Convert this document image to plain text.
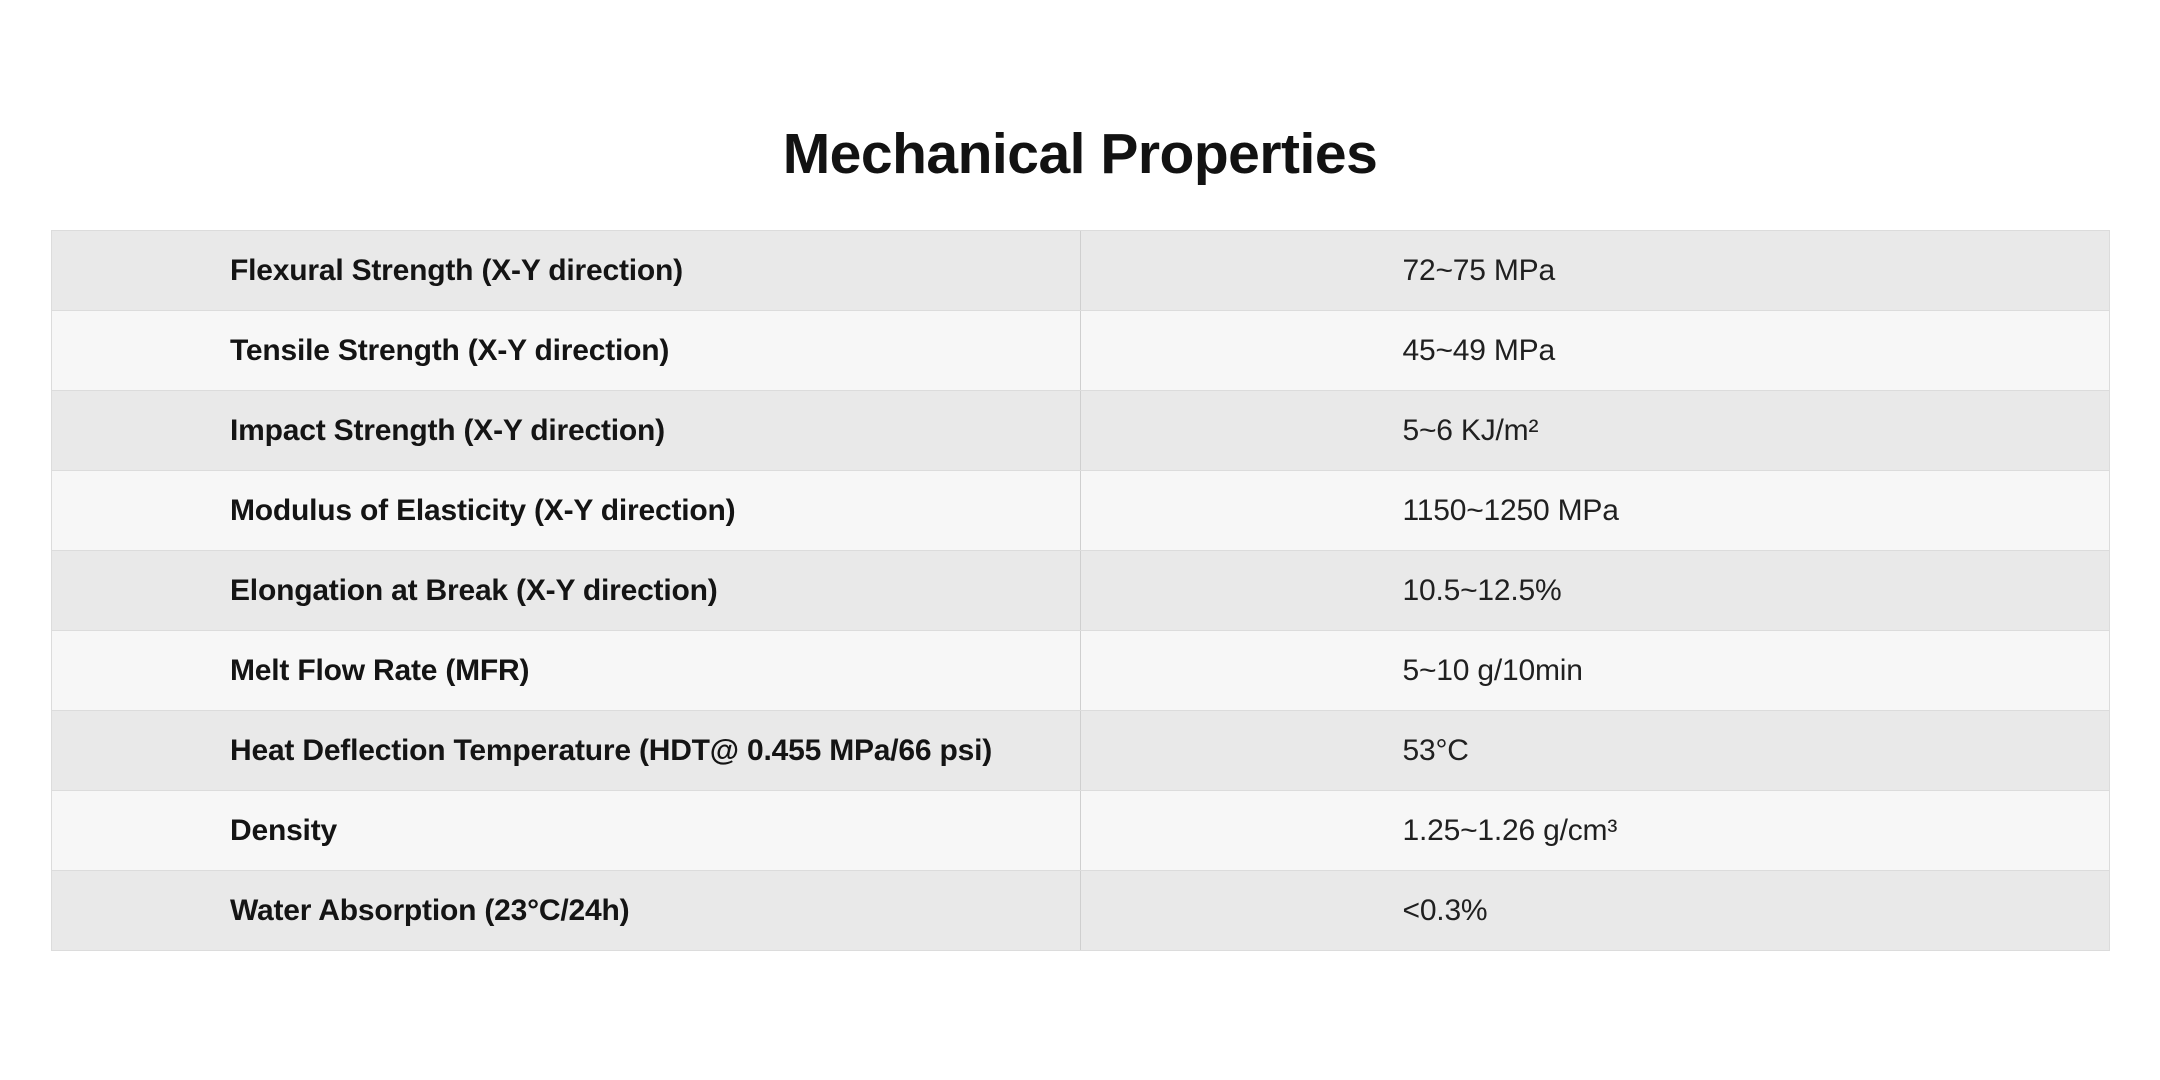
Mechanical Properties
Flexural Strength (X-Y direction)	72~75 MPa
Tensile Strength (X-Y direction)	45~49 MPa
Impact Strength (X-Y direction)	5~6 KJ/m²
Modulus of Elasticity (X-Y direction)	1150~1250 MPa
Elongation at Break (X-Y direction)	10.5~12.5%
Melt Flow Rate (MFR)	5~10 g/10min
Heat Deflection Temperature (HDT@ 0.455 MPa/66 psi)	53°C
Density	1.25~1.26 g/cm³
Water Absorption (23°C/24h)	<0.3%
